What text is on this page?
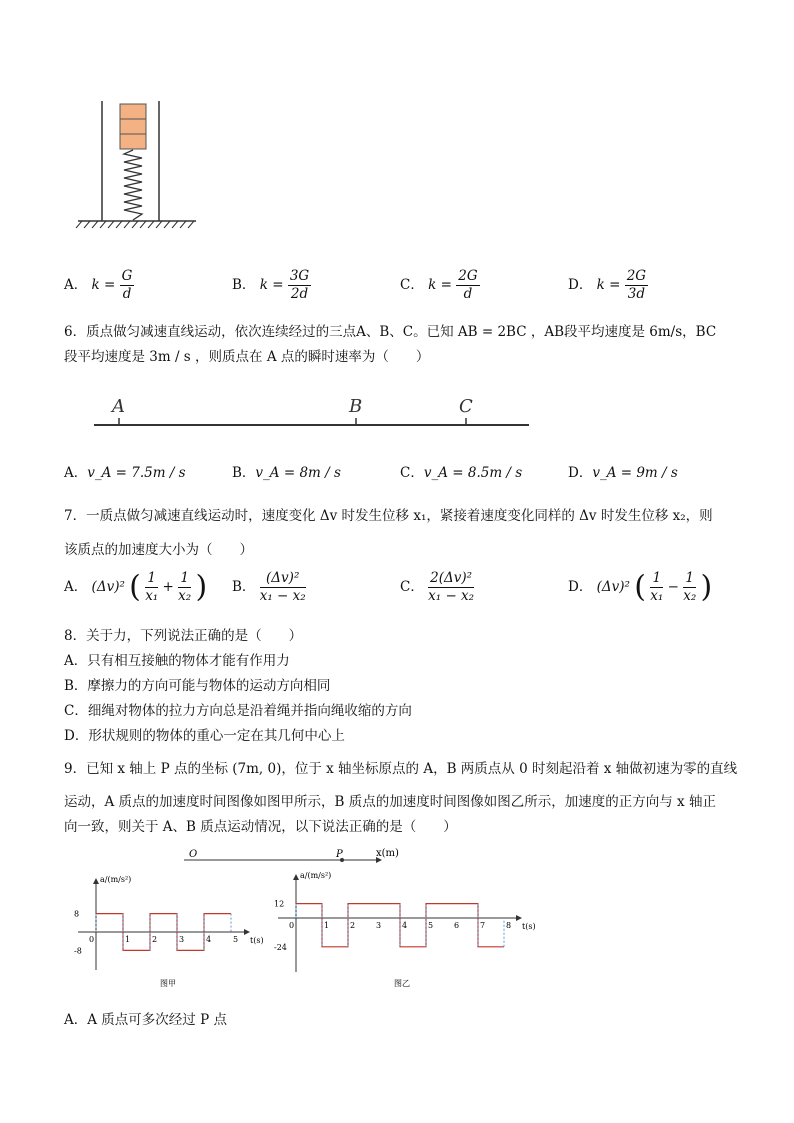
A． $k = \frac{G}{d}$	B． $k = \frac{3G}{2d}$	C． $k = \frac{2G}{d}$	D． $k = \frac{2G}{3d}$
6．质点做匀减速直线运动，依次连续经过的三点A、B、C。已知 AB = 2BC ，AB段平均速度是 6m/s，BC
段平均速度是 3m / s ，则质点在 A 点的瞬时速率为（　　）
A	B	C
A．v_A = 7.5m / s	B．v_A = 8m / s	C．v_A = 8.5m / s	D．v_A = 9m / s
7．一质点做匀减速直线运动时，速度变化 Δv 时发生位移 x₁，紧接着速度变化同样的 Δv 时发生位移 x₂，则
该质点的加速度大小为（　　）
A． (Δv)² ( $\frac{1}{\text{x₁}} + \frac{1}{\text{x₂}}$ ) B． $\frac{\text{(Δv)²}}{\text{x₁ − x₂}}$	C． $\frac{\text{2(Δv)²}}{\text{x₁ − x₂}}$	D． (Δv)² ( $\frac{1}{\text{x₁}} - \frac{1}{\text{x₂}}$ )
8．关于力，下列说法正确的是（　　）
A．只有相互接触的物体才能有作用力
B．摩擦力的方向可能与物体的运动方向相同
C．细绳对物体的拉力方向总是沿着绳并指向绳收缩的方向
D．形状规则的物体的重心一定在其几何中心上
9．已知 x 轴上 P 点的坐标 (7m, 0)，位于 x 轴坐标原点的 A，B 两质点从 0 时刻起沿着 x 轴做初速为零的直线
运动，A 质点的加速度时间图像如图甲所示，B 质点的加速度时间图像如图乙所示，加速度的正方向与 x 轴正
向一致，则关于 A、B 质点运动情况，以下说法正确的是（　　）
O	P	x(m)
a/(m/s²)
t(s)
0	1	2	3	4	5
8
-8
图甲
a/(m/s²)
t(s)
0	1	2	3	4	5	6	7	8
12
-24
图乙
A．A 质点可多次经过 P 点
